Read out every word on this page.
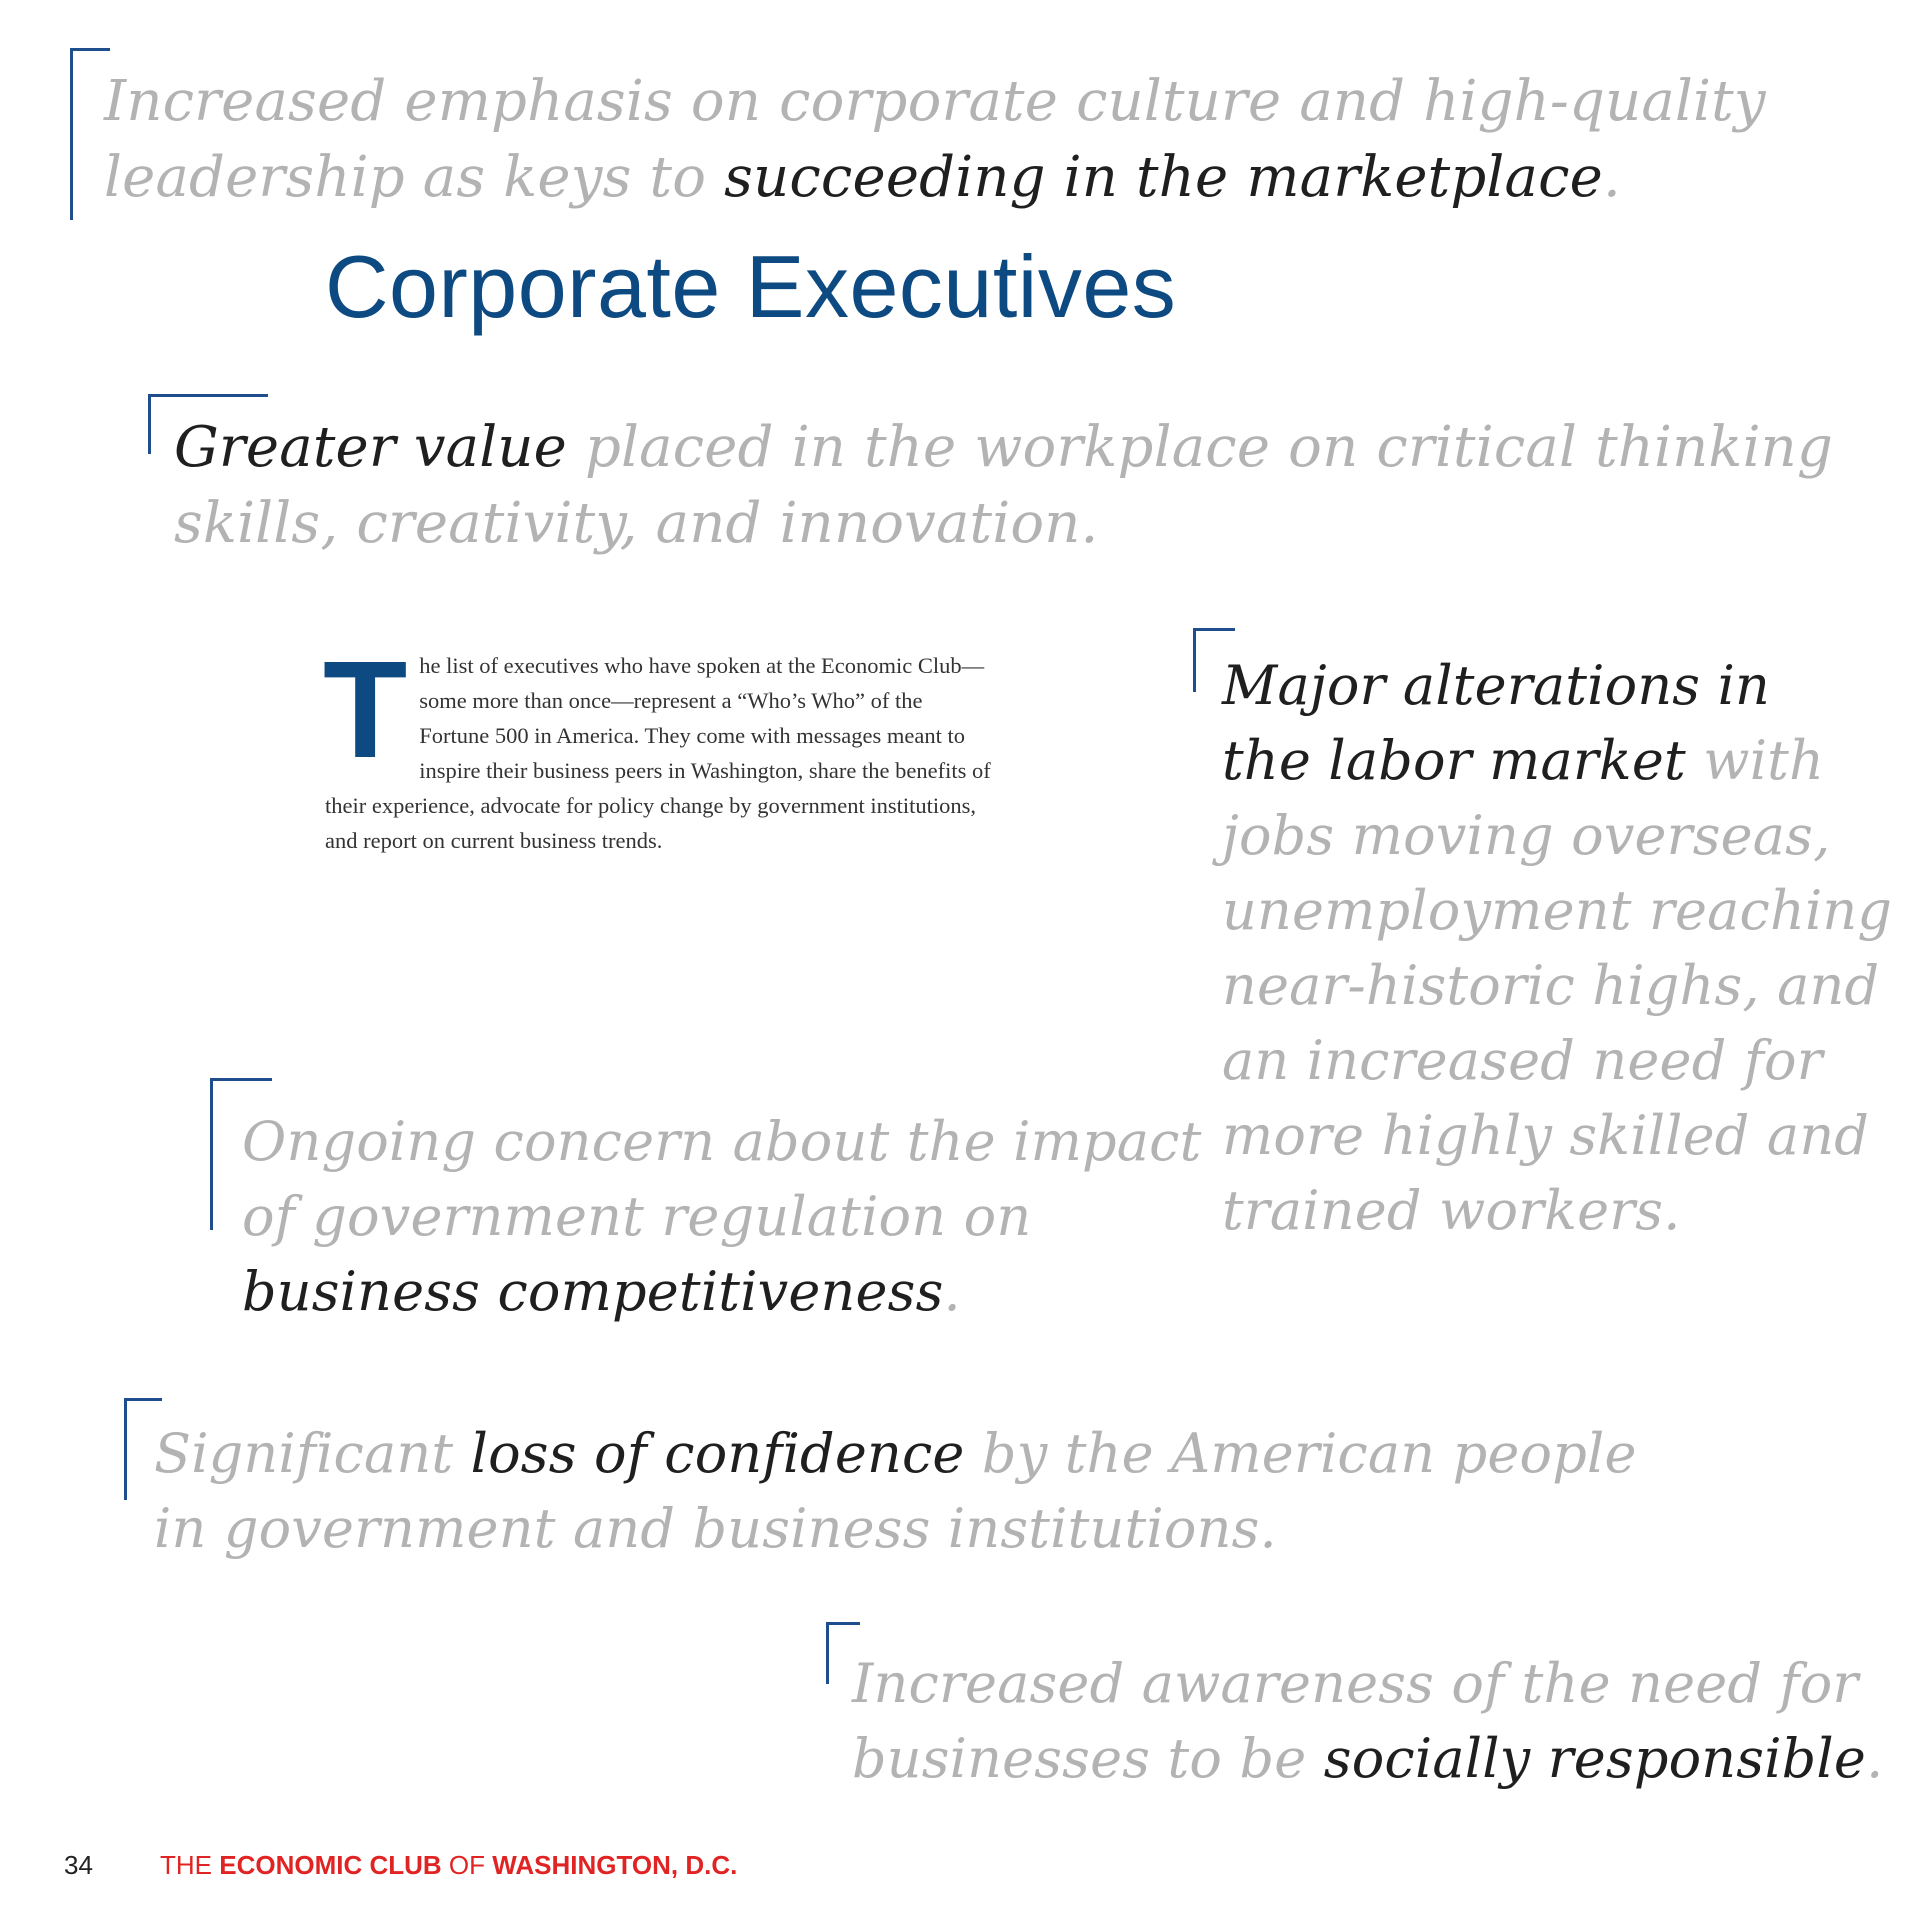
Increased emphasis on corporate culture and high-quality
leadership as keys to succeeding in the marketplace.
Corporate Executives
Greater value placed in the workplace on critical thinking
skills, creativity, and innovation.
T he list of executives who have spoken at the Economic Club—some more than once—represent a “Who’s Who” of the Fortune 500 in America. They come with messages meant to inspire their business peers in Washington, share the benefits of their experience, advocate for policy change by government institutions, and report on current business trends.
Major alterations in
the labor market with
jobs moving overseas,
unemployment reaching
near-historic highs, and
an increased need for
more highly skilled and
trained workers.
Ongoing concern about the impact
of government regulation on
business competitiveness.
Significant loss of confidence by the American people
in government and business institutions.
Increased awareness of the need for
businesses to be socially responsible.
34	THE ECONOMIC CLUB OF WASHINGTON, D.C.
